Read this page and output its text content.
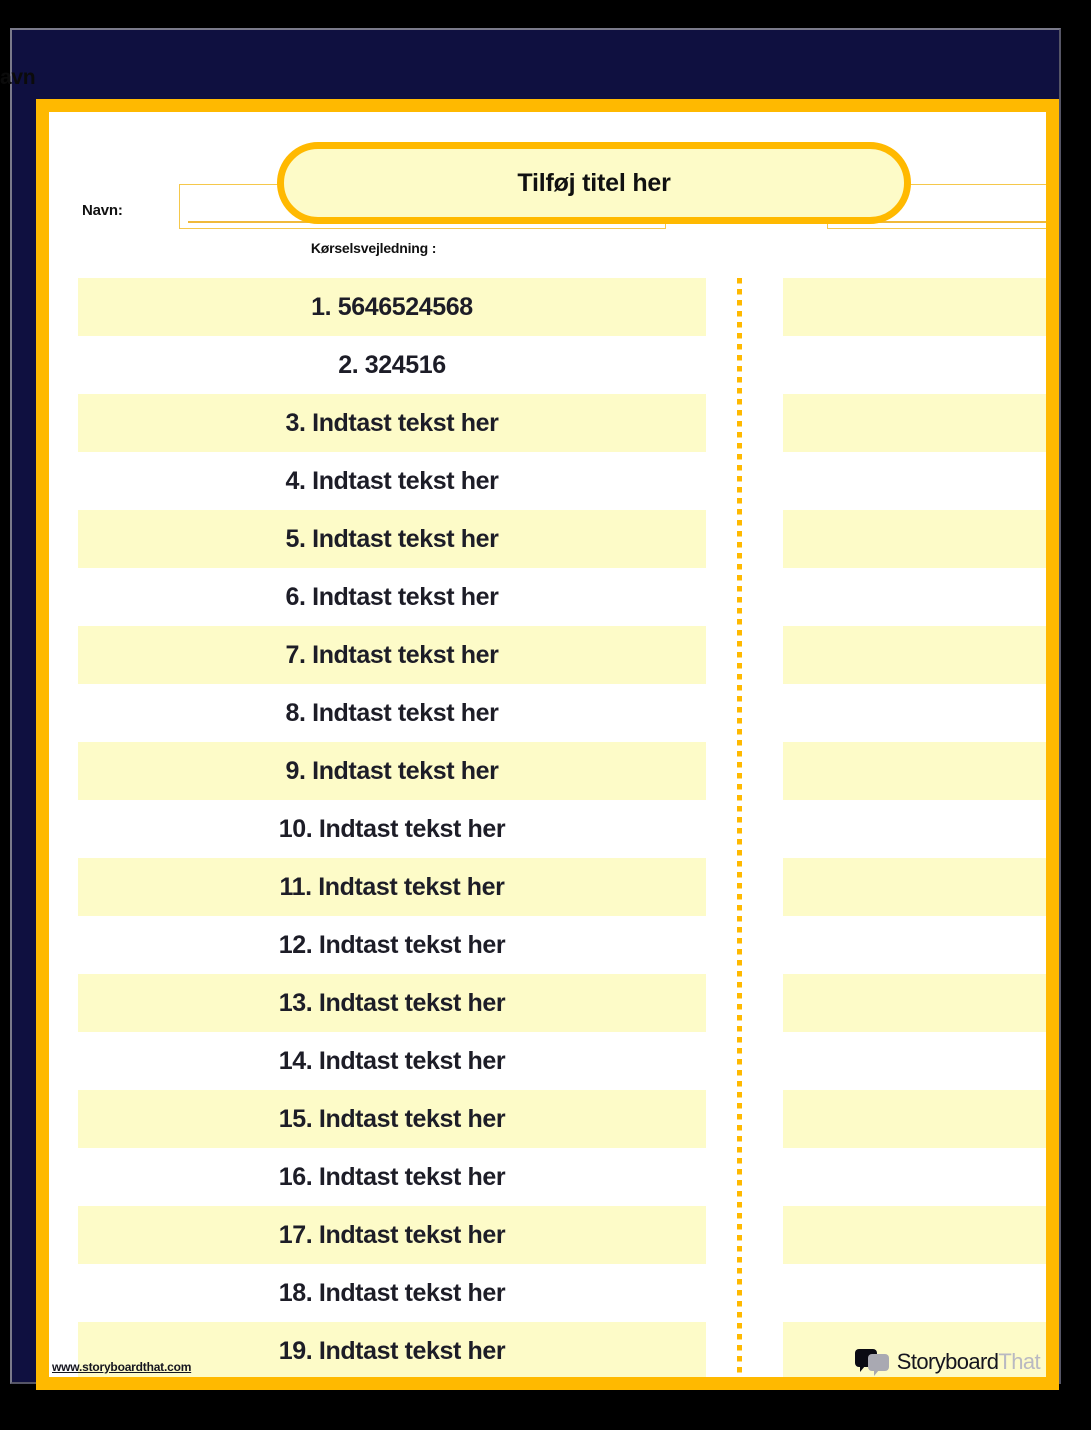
avn
Tilføj titel her
Navn:
Kørselsvejledning :
1. 5646524568
2. 324516
3. Indtast tekst her
4. Indtast tekst her
5. Indtast tekst her
6. Indtast tekst her
7. Indtast tekst her
8. Indtast tekst her
9. Indtast tekst her
10. Indtast tekst her
11. Indtast tekst her
12. Indtast tekst her
13. Indtast tekst her
14. Indtast tekst her
15. Indtast tekst her
16. Indtast tekst her
17. Indtast tekst her
18. Indtast tekst her
19. Indtast tekst her
www.storyboardthat.com	StoryboardThat
